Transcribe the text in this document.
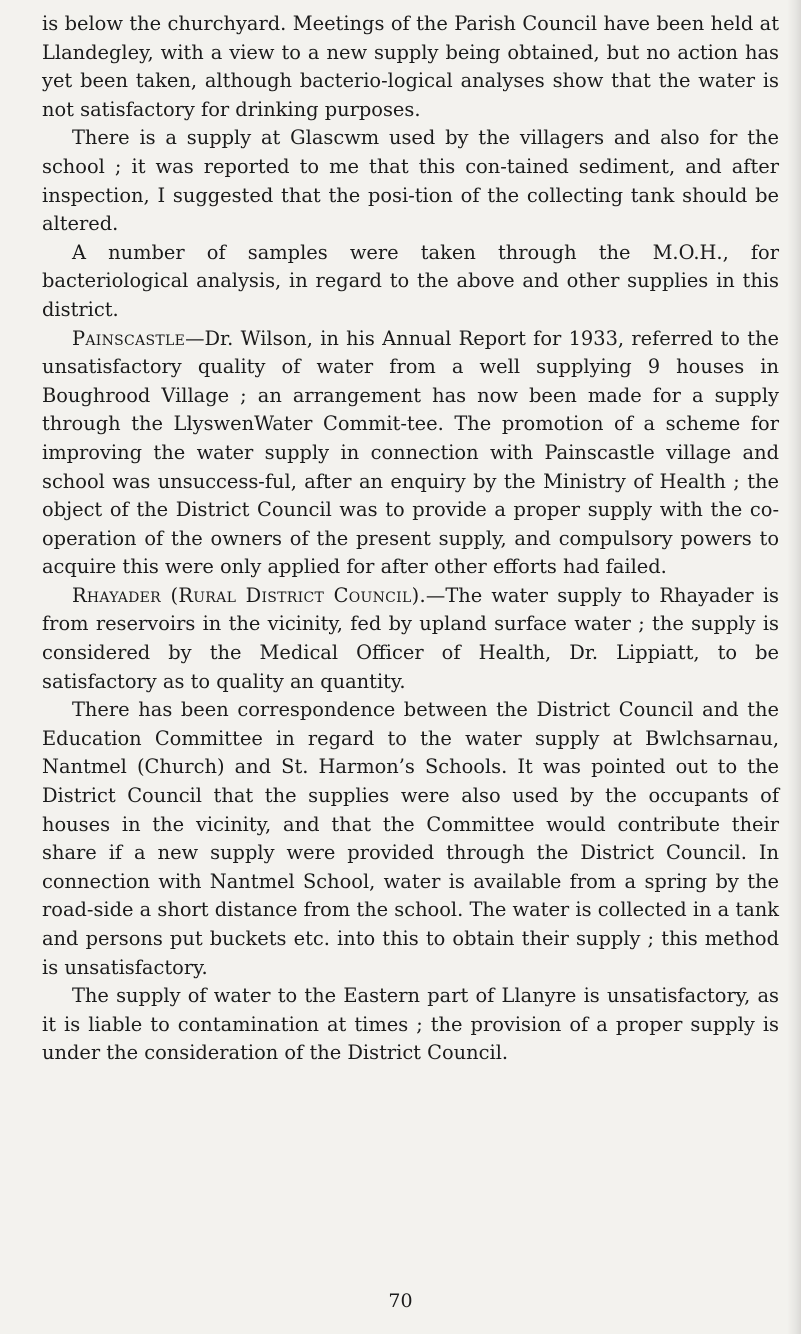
is below the churchyard. Meetings of the Parish Council have been held at Llandegley, with a view to a new supply being obtained, but no action has yet been taken, although bacterio-logical analyses show that the water is not satisfactory for drinking purposes.

There is a supply at Glascwm used by the villagers and also for the school ; it was reported to me that this con-tained sediment, and after inspection, I suggested that the posi-tion of the collecting tank should be altered.

A number of samples were taken through the M.O.H., for bacteriological analysis, in regard to the above and other supplies in this district.

Painscastle—Dr. Wilson, in his Annual Report for 1933, referred to the unsatisfactory quality of water from a well supplying 9 houses in Boughrood Village ; an arrangement has now been made for a supply through the LlyswenWater Commit-tee. The promotion of a scheme for improving the water supply in connection with Painscastle village and school was unsuccess-ful, after an enquiry by the Ministry of Health ; the object of the District Council was to provide a proper supply with the co-operation of the owners of the present supply, and compulsory powers to acquire this were only applied for after other efforts had failed.

Rhayader (Rural District Council).—The water supply to Rhayader is from reservoirs in the vicinity, fed by upland surface water ; the supply is considered by the Medical Officer of Health, Dr. Lippiatt, to be satisfactory as to quality an quantity.

There has been correspondence between the District Council and the Education Committee in regard to the water supply at Bwlchsarnau, Nantmel (Church) and St. Harmon’s Schools. It was pointed out to the District Council that the supplies were also used by the occupants of houses in the vicinity, and that the Committee would contribute their share if a new supply were provided through the District Council. In connection with Nantmel School, water is available from a spring by the road-side a short distance from the school. The water is collected in a tank and persons put buckets etc. into this to obtain their supply ; this method is unsatisfactory.

The supply of water to the Eastern part of Llanyre is unsatisfactory, as it is liable to contamination at times ; the provision of a proper supply is under the consideration of the District Council.

70
